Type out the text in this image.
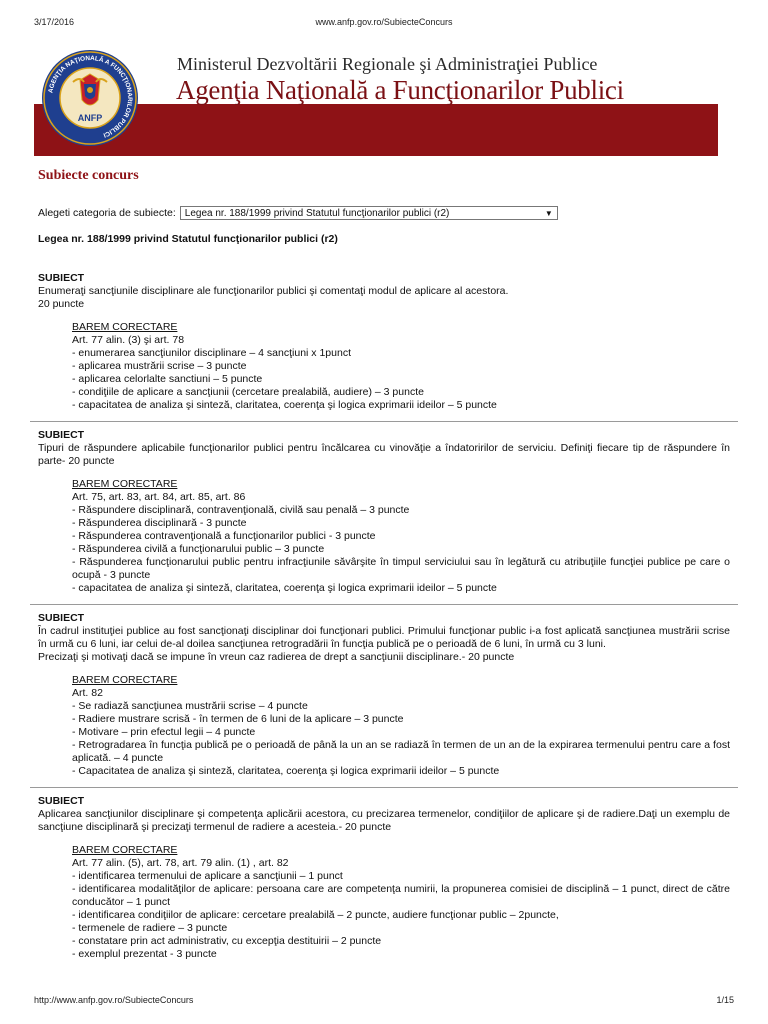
3/17/2016	www.anfp.gov.ro/SubiecteConcurs
AGENŢIA NAŢIONALĂ A FUNCŢIONARILOR PUBLICI
ANFP
Ministerul Dezvoltării Regionale şi Administraţiei Publice
Agenţia Naţională a Funcţionarilor Publici
Subiecte concurs
Alegeti categoria de subiecte: Legea nr. 188/1999 privind Statutul funcţionarilor publici (r2)	▼
Legea nr. 188/1999 privind Statutul funcţionarilor publici (r2)
SUBIECT
Enumeraţi sancţiunile disciplinare ale funcţionarilor publici şi comentaţi modul de aplicare al acestora.
20 puncte
BAREM CORECTARE
Art. 77 alin. (3) şi art. 78
- enumerarea sancţiunilor disciplinare – 4 sancţiuni x 1punct
- aplicarea mustrării scrise – 3 puncte
- aplicarea celorlalte sanctiuni – 5 puncte
- condiţiile de aplicare a sancţiunii (cercetare prealabilă, audiere) – 3 puncte
- capacitatea de analiza şi sinteză, claritatea, coerenţa şi logica exprimarii ideilor – 5 puncte
SUBIECT
Tipuri de răspundere aplicabile funcţionarilor publici pentru încălcarea cu vinovăţie a îndatoririlor de serviciu. Definiţi fiecare tip de răspundere în parte- 20 puncte
BAREM CORECTARE
Art. 75, art. 83, art. 84, art. 85, art. 86
- Răspundere disciplinară, contravenţională, civilă sau penală – 3 puncte
- Răspunderea disciplinară - 3 puncte
- Răspunderea contravenţională a funcţionarilor publici - 3 puncte
- Răspunderea civilă a funcţionarului public – 3 puncte
- Răspunderea funcţionarului public pentru infracţiunile săvârşite în timpul serviciului sau în legătură cu atribuţiile funcţiei publice pe care o ocupă - 3 puncte
- capacitatea de analiza şi sinteză, claritatea, coerenţa şi logica exprimarii ideilor – 5 puncte
SUBIECT
În cadrul instituţiei publice au fost sancţionaţi disciplinar doi funcţionari publici. Primului funcţionar public i-a fost aplicată sancţiunea mustrării scrise în urmă cu 6 luni, iar celui de-al doilea sancţiunea retrogradării în funcţia publică pe o perioadă de 6 luni, în urmă cu 3 luni.
Precizaţi şi motivaţi dacă se impune în vreun caz radierea de drept a sancţiunii disciplinare.- 20 puncte
BAREM CORECTARE
Art. 82
- Se radiază sancţiunea mustrării scrise – 4 puncte
- Radiere mustrare scrisă - în termen de 6 luni de la aplicare – 3 puncte
- Motivare – prin efectul legii – 4 puncte
- Retrogradarea în funcţia publică pe o perioadă de până la un an se radiază în termen de un an de la expirarea termenului pentru care a fost aplicată. – 4 puncte
- Capacitatea de analiza şi sinteză, claritatea, coerenţa şi logica exprimarii ideilor – 5 puncte
SUBIECT
Aplicarea sancţiunilor disciplinare şi competenţa aplicării acestora, cu precizarea termenelor, condiţiilor de aplicare şi de radiere.Daţi un exemplu de sancţiune disciplinară şi precizaţi termenul de radiere a acesteia.- 20 puncte
BAREM CORECTARE
Art. 77 alin. (5), art. 78, art. 79 alin. (1) , art. 82
- identificarea termenului de aplicare a sancţiunii – 1 punct
- identificarea modalităţilor de aplicare: persoana care are competenţa numirii, la propunerea comisiei de disciplină – 1 punct, direct de către conducător – 1 punct
- identificarea condiţiilor de aplicare: cercetare prealabilă – 2 puncte, audiere funcţionar public – 2puncte,
- termenele de radiere – 3 puncte
- constatare prin act administrativ, cu excepţia destituirii – 2 puncte
- exemplul prezentat - 3 puncte
http://www.anfp.gov.ro/SubiecteConcurs	1/15
